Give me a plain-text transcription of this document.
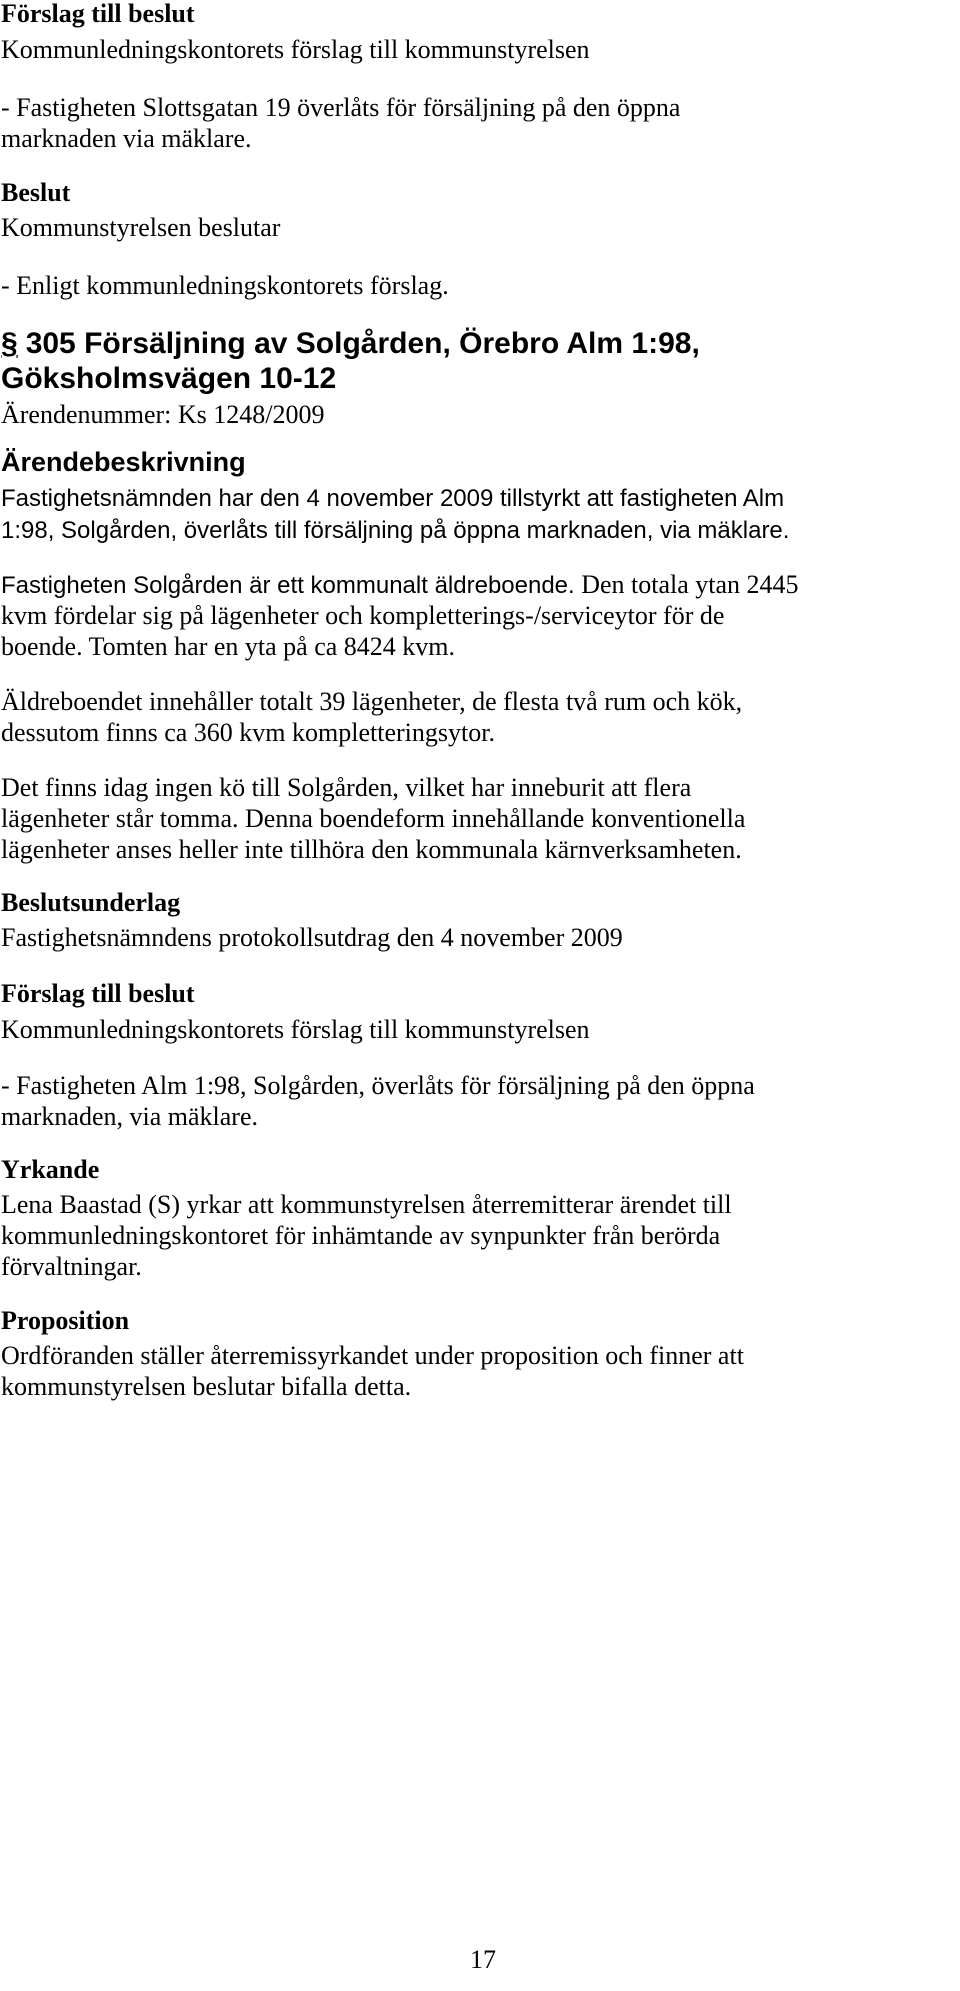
Förslag till beslut

Kommunledningskontorets förslag till kommunstyrelsen

- Fastigheten Slottsgatan 19 överlåts för försäljning på den öppna

marknaden via mäklare.

Beslut

Kommunstyrelsen beslutar

- Enligt kommunledningskontorets förslag.

§ 305 Försäljning av Solgården, Örebro Alm 1:98,

Göksholmsvägen 10-12

Ärendenummer: Ks 1248/2009

Ärendebeskrivning

Fastighetsnämnden har den 4 november 2009 tillstyrkt att fastigheten Alm

1:98, Solgården, överlåts till försäljning på öppna marknaden, via mäklare.

Fastigheten Solgården är ett kommunalt äldreboende. Den totala ytan 2445

kvm fördelar sig på lägenheter och kompletterings-/serviceytor för de

boende. Tomten har en yta på ca 8424 kvm.

Äldreboendet innehåller totalt 39 lägenheter, de flesta två rum och kök,

dessutom finns ca 360 kvm kompletteringsytor.

Det finns idag ingen kö till Solgården, vilket har inneburit att flera

lägenheter står tomma. Denna boendeform innehållande konventionella

lägenheter anses heller inte tillhöra den kommunala kärnverksamheten.

Beslutsunderlag

Fastighetsnämndens protokollsutdrag den 4 november 2009

Förslag till beslut

Kommunledningskontorets förslag till kommunstyrelsen

- Fastigheten Alm 1:98, Solgården, överlåts för försäljning på den öppna

marknaden, via mäklare.

Yrkande

Lena Baastad (S) yrkar att kommunstyrelsen återremitterar ärendet till

kommunledningskontoret för inhämtande av synpunkter från berörda

förvaltningar.

Proposition

Ordföranden ställer återremissyrkandet under proposition och finner att

kommunstyrelsen beslutar bifalla detta.

17
